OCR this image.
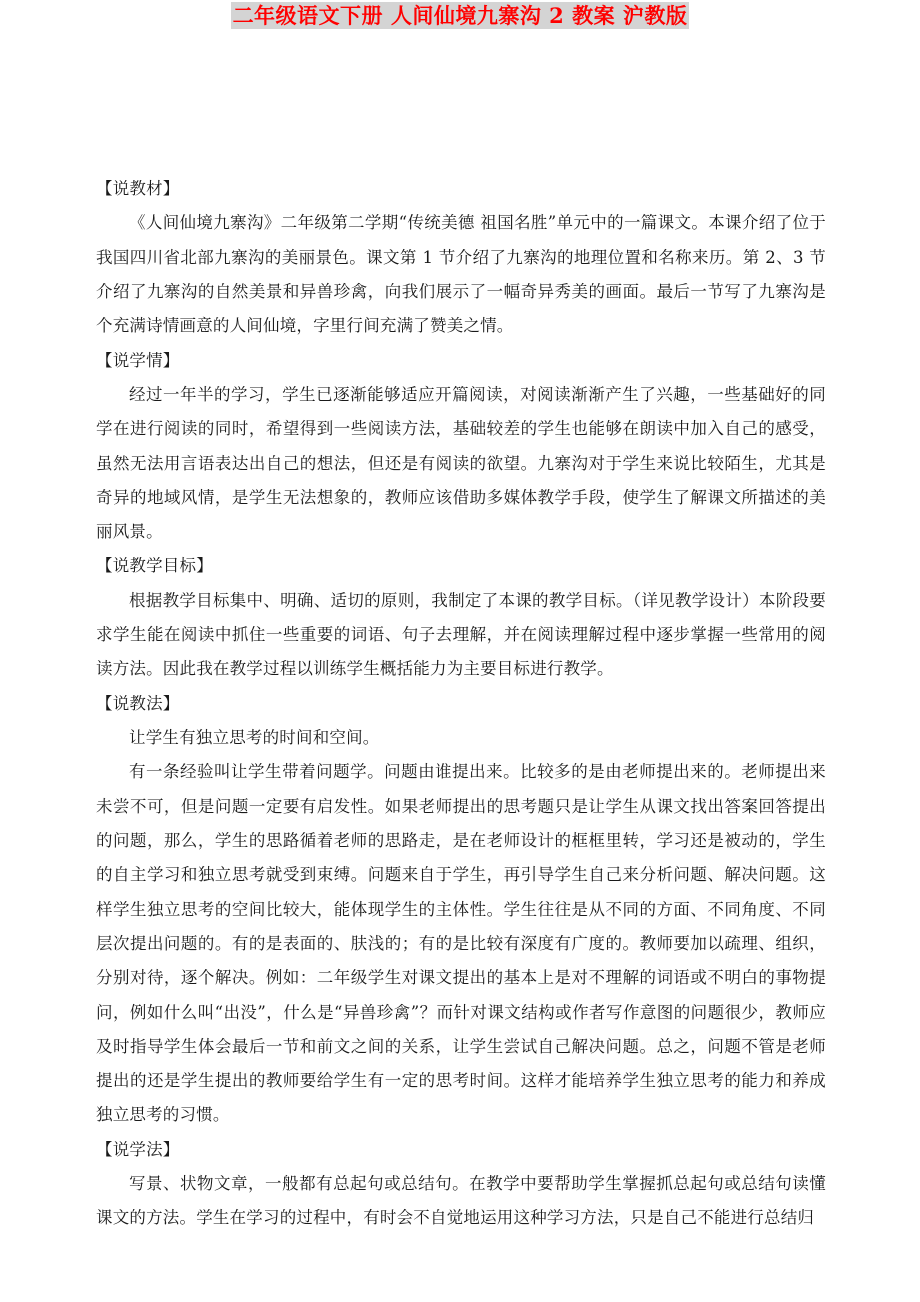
二年级语文下册 人间仙境九寨沟 2 教案 沪教版

【说教材】

《人间仙境九寨沟》二年级第二学期“传统美德 祖国名胜”单元中的一篇课文。本课介绍了位于我国四川省北部九寨沟的美丽景色。课文第 1 节介绍了九寨沟的地理位置和名称来历。第 2、3 节介绍了九寨沟的自然美景和异兽珍禽，向我们展示了一幅奇异秀美的画面。最后一节写了九寨沟是个充满诗情画意的人间仙境，字里行间充满了赞美之情。

【说学情】

经过一年半的学习，学生已逐渐能够适应开篇阅读，对阅读渐渐产生了兴趣，一些基础好的同学在进行阅读的同时，希望得到一些阅读方法，基础较差的学生也能够在朗读中加入自己的感受，虽然无法用言语表达出自己的想法，但还是有阅读的欲望。九寨沟对于学生来说比较陌生，尤其是奇异的地域风情，是学生无法想象的，教师应该借助多媒体教学手段，使学生了解课文所描述的美丽风景。

【说教学目标】

根据教学目标集中、明确、适切的原则，我制定了本课的教学目标。（详见教学设计）本阶段要求学生能在阅读中抓住一些重要的词语、句子去理解，并在阅读理解过程中逐步掌握一些常用的阅读方法。因此我在教学过程以训练学生概括能力为主要目标进行教学。

【说教法】

让学生有独立思考的时间和空间。

有一条经验叫让学生带着问题学。问题由谁提出来。比较多的是由老师提出来的。老师提出来未尝不可，但是问题一定要有启发性。如果老师提出的思考题只是让学生从课文找出答案回答提出的问题，那么，学生的思路循着老师的思路走，是在老师设计的框框里转，学习还是被动的，学生的自主学习和独立思考就受到束缚。问题来自于学生，再引导学生自己来分析问题、解决问题。这样学生独立思考的空间比较大，能体现学生的主体性。学生往往是从不同的方面、不同角度、不同层次提出问题的。有的是表面的、肤浅的；有的是比较有深度有广度的。教师要加以疏理、组织，分别对待，逐个解决。例如：二年级学生对课文提出的基本上是对不理解的词语或不明白的事物提问，例如什么叫“出没”，什么是“异兽珍禽”？而针对课文结构或作者写作意图的问题很少，教师应及时指导学生体会最后一节和前文之间的关系，让学生尝试自己解决问题。总之，问题不管是老师提出的还是学生提出的教师要给学生有一定的思考时间。这样才能培养学生独立思考的能力和养成独立思考的习惯。

【说学法】

写景、状物文章，一般都有总起句或总结句。在教学中要帮助学生掌握抓总起句或总结句读懂课文的方法。学生在学习的过程中，有时会不自觉地运用这种学习方法，只是自己不能进行总结归
